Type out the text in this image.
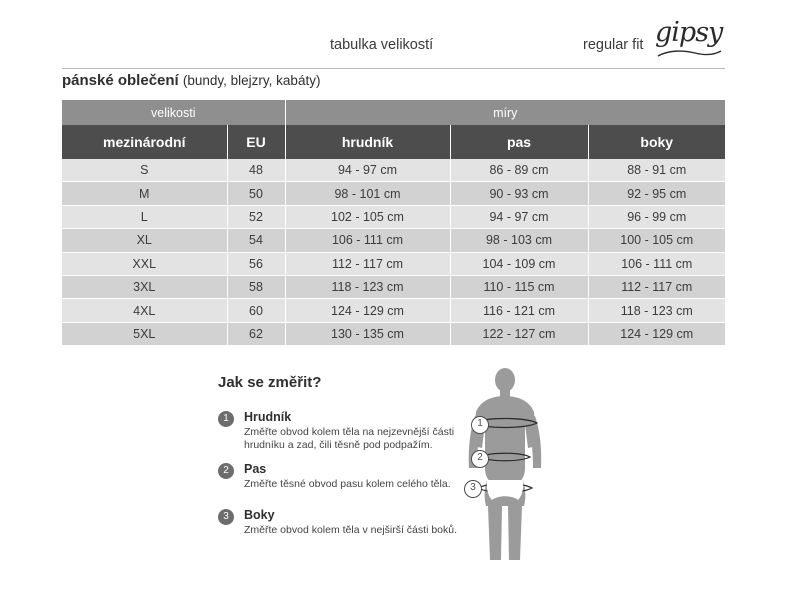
tabulka velikostí	regular fit gipsy
pánské oblečení (bundy, blejzry, kabáty)
velikosti		míry		
mezinárodní	EU	hrudník	pas	boky
S	48	94 - 97 cm	86 - 89 cm	88 - 91 cm
M	50	98 - 101 cm	90 - 93 cm	92 - 95 cm
L	52	102 - 105 cm	94 - 97 cm	96 - 99 cm
XL	54	106 - 111 cm	98 - 103 cm	100 - 105 cm
XXL	56	112 - 117 cm	104 - 109 cm	106 - 111 cm
3XL	58	118 - 123 cm	110 - 115 cm	112 - 117 cm
4XL	60	124 - 129 cm	116 - 121 cm	118 - 123 cm
5XL	62	130 - 135 cm	122 - 127 cm	124 - 129 cm
Jak se změřit?
1	Hrudník
Změřte obvod kolem těla na nejzevnější části hrudníku a zad, čili těsně pod podpažím.
2	Pas
Změřte těsné obvod pasu kolem celého těla.
3	Boky
Změřte obvod kolem těla v nejširší části boků.
1
2
3
